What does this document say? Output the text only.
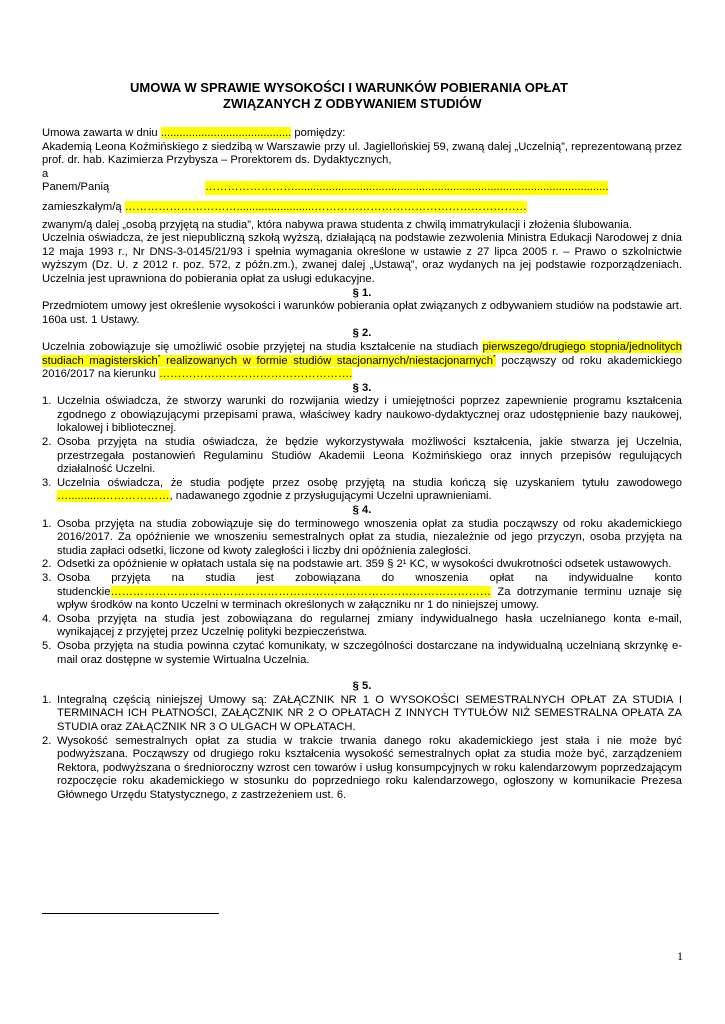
UMOWA W SPRAWIE WYSOKOŚCI I WARUNKÓW POBIERANIA OPŁAT
ZWIĄZANYCH Z ODBYWANIEM STUDIÓW

Umowa zawarta w dniu .......................................... pomiędzy:

Akademią Leona Koźmińskiego z siedzibą w Warszawie przy ul. Jagiellońskiej 59, zwaną dalej „Uczelnią”, reprezentowaną przez prof. dr. hab. Kazimierza Przybysza – Prorektorem ds. Dydaktycznych,

a

Panem/Panią	…………………….....................................................................................................

zamieszkałym/ą ………………………….........................…………………………………………………

zwanym/ą dalej „osobą przyjętą na studia”, która nabywa prawa studenta z chwilą immatrykulacji i złożenia ślubowania.

Uczelnia oświadcza, że jest niepubliczną szkołą wyższą, działającą na podstawie zezwolenia Ministra Edukacji Narodowej z dnia 12 maja 1993 r., Nr DNS-3-0145/21/93 i spełnia wymagania określone w ustawie z 27 lipca 2005 r. – Prawo o szkolnictwie wyższym (Dz. U. z 2012 r. poz. 572, z późn.zm.), zwanej dalej „Ustawą”, oraz wydanych na jej podstawie rozporządzeniach. Uczelnia jest uprawniona do pobierania opłat za usługi edukacyjne.

§ 1.

Przedmiotem umowy jest określenie wysokości i warunków pobierania opłat związanych z odbywaniem studiów na podstawie art. 160a ust. 1 Ustawy.

§ 2.

Uczelnia zobowiązuje się umożliwić osobie przyjętej na studia kształcenie na studiach pierwszego/drugiego stopnia/jednolitych studiach magisterskich* realizowanych w formie studiów stacjonarnych/niestacjonarnych* począwszy od roku akademickiego 2016/2017 na kierunku …………………………………………….

§ 3.

1. Uczelnia oświadcza, że stworzy warunki do rozwijania wiedzy i umiejętności poprzez zapewnienie programu kształcenia zgodnego z obowiązującymi przepisami prawa, właściwey kadry naukowo-dydaktycznej oraz udostępnienie bazy naukowej, lokalowej i bibliotecznej.
2. Osoba przyjęta na studia oświadcza, że będzie wykorzystywała możliwości kształcenia, jakie stwarza jej Uczelnia, przestrzegała postanowień Regulaminu Studiów Akademii Leona Koźmińskiego oraz innych przepisów regulujących działalność Uczelni.
3. Uczelnia oświadcza, że studia podjęte przez osobę przyjętą na studia kończą się uzyskaniem tytułu zawodowego …...........………………, nadawanego zgodnie z przysługującymi Uczelni uprawnieniami.

§ 4.

1. Osoba przyjęta na studia zobowiązuje się do terminowego wnoszenia opłat za studia począwszy od roku akademickiego 2016/2017. Za opóźnienie we wnoszeniu semestralnych opłat za studia, niezależnie od jego przyczyn, osoba przyjęta na studia zapłaci odsetki, liczone od kwoty zaległości i liczby dni opóźnienia zaległości.
2. Odsetki za opóźnienie w opłatach ustala się na podstawie art. 359 § 2¹ KC, w wysokości dwukrotności odsetek ustawowych.
3. Osoba przyjęta na studia jest zobowiązana do wnoszenia opłat na indywidualne konto studenckie………………………………………………………………………………………… Za dotrzymanie terminu uznaje się wpływ środków na konto Uczelni w terminach określonych w załączniku nr 1 do niniejszej umowy.
4. Osoba przyjęta na studia jest zobowiązana do regularnej zmiany indywidualnego hasła uczelnianego konta e-mail, wynikającej z przyjętej przez Uczelnię polityki bezpieczeństwa.
5. Osoba przyjęta na studia powinna czytać komunikaty, w szczególności dostarczane na indywidualną uczelnianą skrzynkę e-mail oraz dostępne w systemie Wirtualna Uczelnia.

§ 5.

1. Integralną częścią niniejszej Umowy są: ZAŁĄCZNIK NR 1 O WYSOKOŚCI SEMESTRALNYCH OPŁAT ZA STUDIA I TERMINACH ICH PŁATNOŚCI, ZAŁĄCZNIK NR 2 O OPŁATACH Z INNYCH TYTUŁÓW NIŻ SEMESTRALNA OPŁATA ZA STUDIA oraz ZAŁĄCZNIK NR 3 O ULGACH W OPŁATACH.
2. Wysokość semestralnych opłat za studia w trakcie trwania danego roku akademickiego jest stała i nie może być podwyższana. Począwszy od drugiego roku kształcenia wysokość semestralnych opłat za studia może być, zarządzeniem Rektora, podwyższana o średnioroczny wzrost cen towarów i usług konsumpcyjnych w roku kalendarzowym poprzedzającym rozpoczęcie roku akademickiego w stosunku do poprzedniego roku kalendarzowego, ogłoszony w komunikacie Prezesa Głównego Urzędu Statystycznego, z zastrzeżeniem ust. 6.
1
